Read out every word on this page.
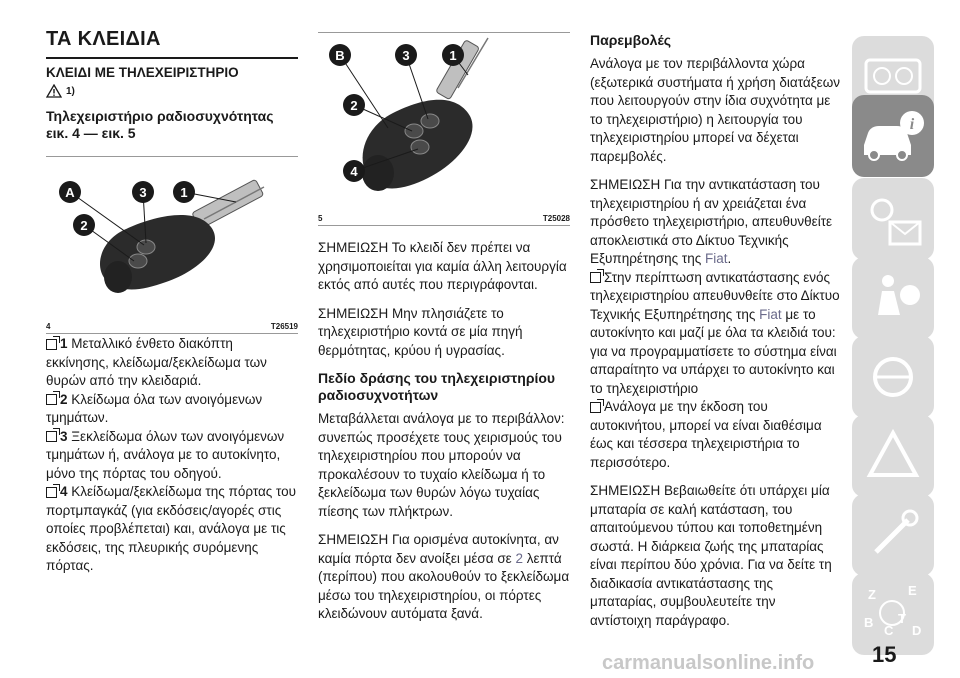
ΤΑ ΚΛΕΙΔΙΑ
ΚΛΕΙΔΙ ΜΕ ΤΗΛΕΧΕΙΡΙΣΤΗΡΙΟ
1)
Τηλεχειριστήριο ραδιοσυχνότητας εικ. 4 — εικ. 5
A	3	1
2
4	T26519

1 Μεταλλικό ένθετο διακόπτη εκκίνησης, κλείδωμα/ξεκλείδωμα των θυρών από την κλειδαριά.

2 Κλείδωμα όλα των ανοιγόμενων τμημάτων.

3 Ξεκλείδωμα όλων των ανοιγόμενων τμημάτων ή, ανάλογα με το αυτοκίνητο, μόνο της πόρτας του οδηγού.

4 Κλείδωμα/ξεκλείδωμα της πόρτας του πορτμπαγκάζ (για εκδόσεις/αγορές στις οποίες προβλέπεται) και, ανάλογα με τις εκδόσεις, της πλευρικής συρόμενης πόρτας.

B	3	1
2
4
5	T25028

ΣΗΜΕΙΩΣΗ Το κλειδί δεν πρέπει να χρησιμοποιείται για καμία άλλη λειτουργία εκτός από αυτές που περιγράφονται.

ΣΗΜΕΙΩΣΗ Μην πλησιάζετε το τηλεχειριστήριο κοντά σε μία πηγή θερμότητας, κρύου ή υγρασίας.

Πεδίο δράσης του τηλεχειριστηρίου ραδιοσυχνοτήτων

Μεταβάλλεται ανάλογα με το περιβάλλον: συνεπώς προσέχετε τους χειρισμούς του τηλεχειριστηρίου που μπορούν να προκαλέσουν το τυχαίο κλείδωμα ή το ξεκλείδωμα των θυρών λόγω τυχαίας πίεσης των πλήκτρων.

ΣΗΜΕΙΩΣΗ Για ορισμένα αυτοκίνητα, αν καμία πόρτα δεν ανοίξει μέσα σε 2 λεπτά (περίπου) που ακολουθούν το ξεκλείδωμα μέσω του τηλεχειριστηρίου, οι πόρτες κλειδώνουν αυτόματα ξανά.

Παρεμβολές

Ανάλογα με τον περιβάλλοντα χώρα (εξωτερικά συστήματα ή χρήση διατάξεων που λειτουργούν στην ίδια συχνότητα με το τηλεχειριστήριο) η λειτουργία του τηλεχειριστηρίου μπορεί να δέχεται παρεμβολές.

ΣΗΜΕΙΩΣΗ Για την αντικατάσταση του τηλεχειριστηρίου ή αν χρειάζεται ένα πρόσθετο τηλεχειριστήριο, απευθυνθείτε αποκλειστικά στο Δίκτυο Τεχνικής Εξυπηρέτησης της Fiat.

Στην περίπτωση αντικατάστασης ενός τηλεχειριστηρίου απευθυνθείτε στο Δίκτυο Τεχνικής Εξυπηρέτησης της Fiat με το αυτοκίνητο και μαζί με όλα τα κλειδιά του: για να προγραμματίσετε το σύστημα είναι απαραίτητο να υπάρχει το αυτοκίνητο και το τηλεχειριστήριο

Ανάλογα με την έκδοση του αυτοκινήτου, μπορεί να είναι διαθέσιμα έως και τέσσερα τηλεχειριστήρια το περισσότερο.

ΣΗΜΕΙΩΣΗ Βεβαιωθείτε ότι υπάρχει μία μπαταρία σε καλή κατάσταση, του απαιτούμενου τύπου και τοποθετημένη σωστά. Η διάρκεια ζωής της μπαταρίας είναι περίπου δύο χρόνια. Για να δείτε τη διαδικασία αντικατάστασης της μπαταρίας, συμβουλευτείτε την αντίστοιχη παράγραφο.

i
Z E
B
C
T
D
carmanualsonline.info	15
